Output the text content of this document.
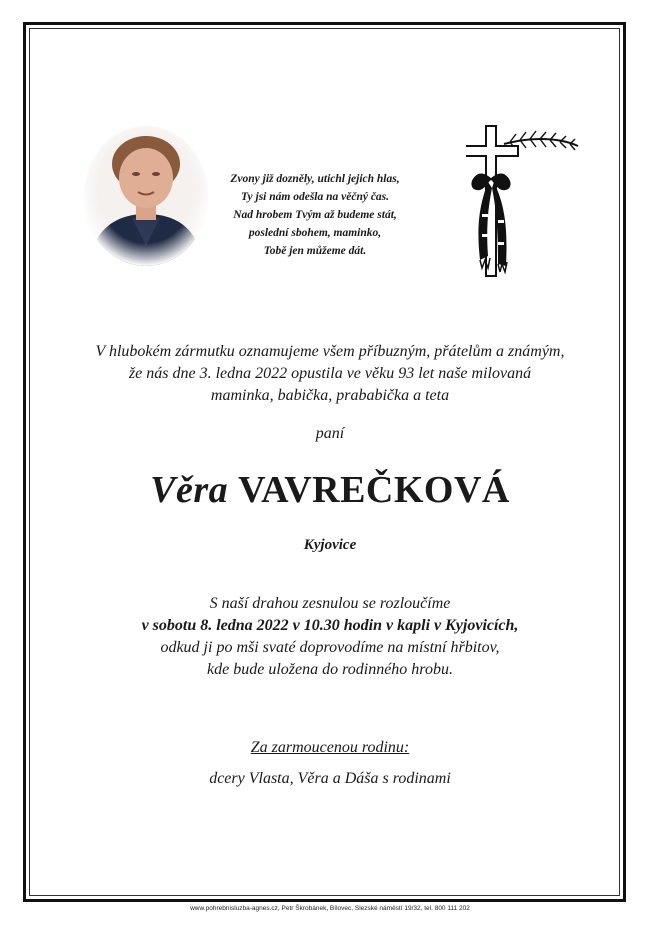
Zvony již dozněly, utichl jejich hlas,
Ty jsi nám odešla na věčný čas.
Nad hrobem Tvým až budeme stát,
poslední sbohem, maminko,
Tobě jen můžeme dát.
V hlubokém zármutku oznamujeme všem příbuzným, přátelům a známým,
že nás dne 3. ledna 2022 opustila ve věku 93 let naše milovaná
maminka, babička, prababička a teta
paní
Věra VAVREČKOVÁ
Kyjovice
S naší drahou zesnulou se rozloučíme
v sobotu 8. ledna 2022 v 10.30 hodin v kapli v Kyjovicích,
odkud ji po mši svaté doprovodíme na místní hřbitov,
kde bude uložena do rodinného hrobu.
Za zarmoucenou rodinu:
dcery Vlasta, Věra a Dáša s rodinami
www.pohrebnisluzba-agnes.cz, Petr Škrobánek, Bílovec, Slezské náměstí 19/32, tel. 800 111 202
